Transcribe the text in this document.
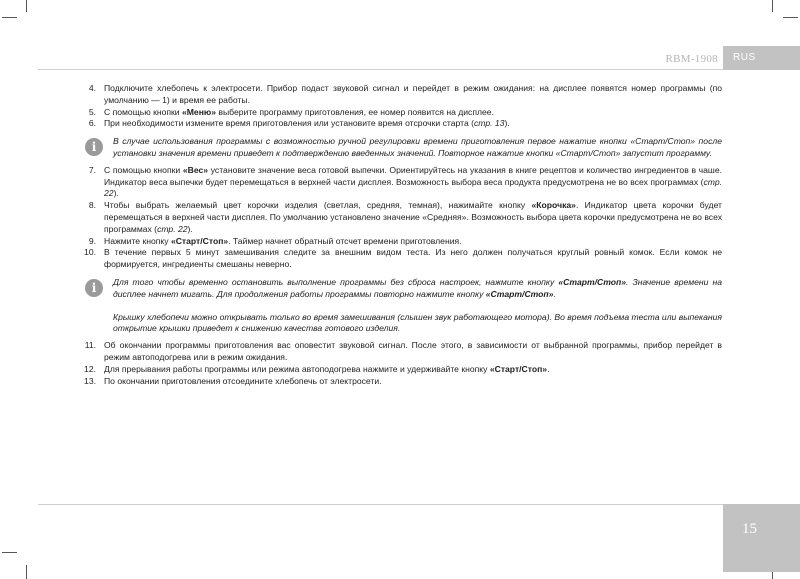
RBM-1908	RUS
15
4. Подключите хлебопечь к электросети. Прибор подаст звуковой сигнал и перейдет в режим ожидания: на дисплее появятся номер программы (по умолчанию — 1) и время ее работы.
5. С помощью кнопки «Меню» выберите программу приготовления, ее номер появится на дисплее.
6. При необходимости измените время приготовления или установите время отсрочки старта (стр. 13).
i	В случае использования программы с возможностью ручной регулировки времени приготовления первое нажатие кнопки «Старт/Стоп» после установки значения времени приведет к подтверждению введенных значений. Повторное нажатие кнопки «Старт/Стоп» запустит программу.

7. С помощью кнопки «Вес» установите значение веса готовой выпечки. Ориентируйтесь на указания в книге рецептов и количество ингредиентов в чаше. Индикатор веса выпечки будет перемещаться в верхней части дисплея. Возможность выбора веса продукта предусмотрена не во всех программах (стр. 22).
8. Чтобы выбрать желаемый цвет корочки изделия (светлая, средняя, темная), нажимайте кнопку «Корочка». Индикатор цвета корочки будет перемещаться в верхней части дисплея. По умолчанию установлено значение «Средняя». Возможность выбора цвета корочки предусмотрена не во всех программах (стр. 22).
9. Нажмите кнопку «Старт/Стоп». Таймер начнет обратный отсчет времени приготовления.
10. В течение первых 5 минут замешивания следите за внешним видом теста. Из него должен получаться круглый ровный комок. Если комок не формируется, ингредиенты смешаны неверно.
i	Для того чтобы временно остановить выполнение программы без сброса настроек, нажмите кнопку «Старт/Стоп». Значение времени на дисплее начнет мигать. Для продолжения работы программы повторно нажмите кнопку «Старт/Стоп».

Крышку хлебопечи можно открывать только во время замешивания (слышен звук работающего мотора). Во время подъема теста или выпекания открытие крышки приведет к снижению качества готового изделия.

11. Об окончании программы приготовления вас оповестит звуковой сигнал. После этого, в зависимости от выбранной программы, прибор перейдет в режим автоподогрева или в режим ожидания.
12. Для прерывания работы программы или режима автоподогрева нажмите и удерживайте кнопку «Старт/Стоп».
13. По окончании приготовления отсоедините хлебопечь от электросети.
